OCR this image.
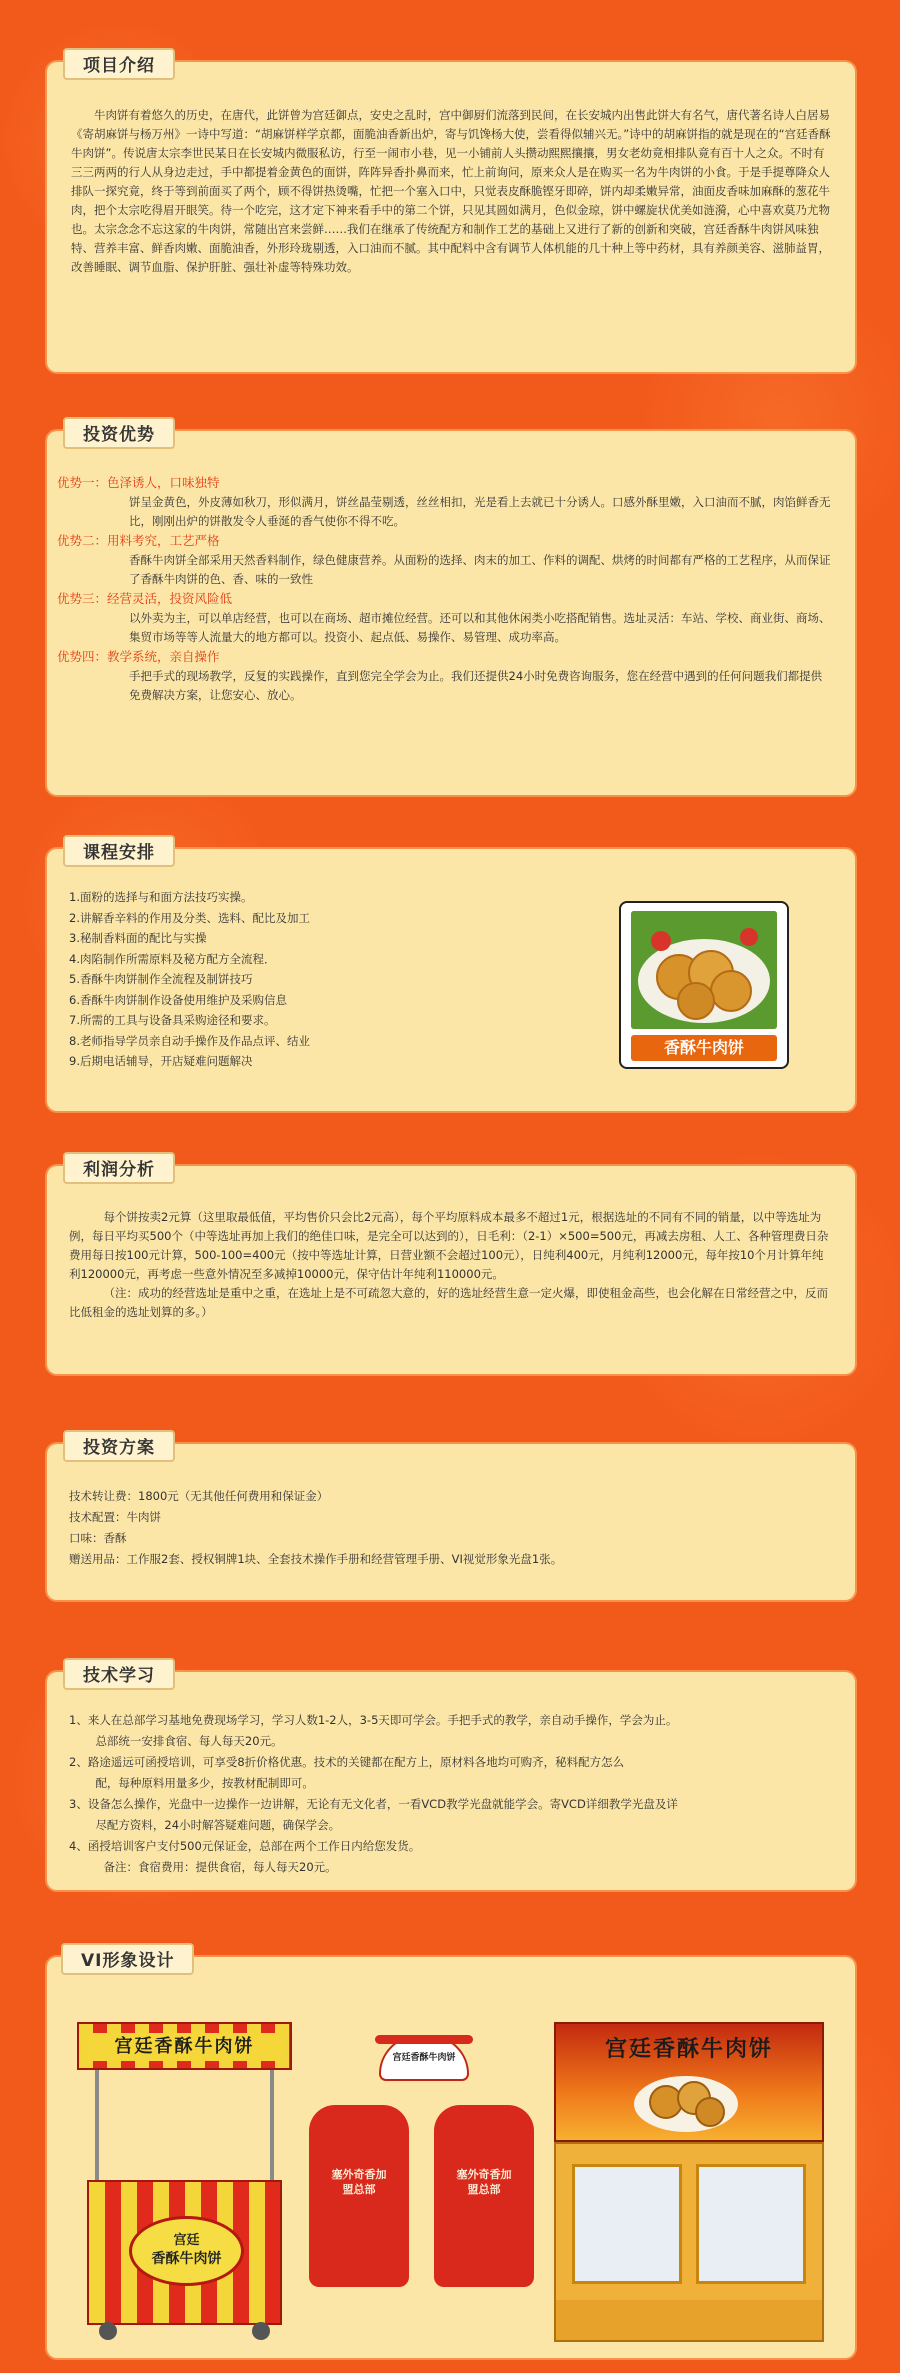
项目介绍

牛肉饼有着悠久的历史，在唐代，此饼曾为宫廷御点，安史之乱时，宫中御厨们流落到民间，在长安城内出售此饼大有名气，唐代著名诗人白居易《寄胡麻饼与杨万州》一诗中写道：“胡麻饼样学京都，面脆油香新出炉，寄与饥馋杨大使，尝看得似辅兴无。”诗中的胡麻饼指的就是现在的“宫廷香酥牛肉饼”。传说唐太宗李世民某日在长安城内微服私访，行至一闹市小巷，见一小铺前人头攒动熙熙攘攘，男女老幼竟相排队竟有百十人之众。不时有三三两两的行人从身边走过，手中都提着金黄色的面饼，阵阵异香扑鼻而来，忙上前询问，原来众人是在购买一名为牛肉饼的小食。于是手提尊降众人排队一探究竟，终于等到前面买了两个，顾不得饼热烫嘴，忙把一个塞入口中，只觉表皮酥脆铿牙即碎，饼内却柔嫩异常，油面皮香味加麻酥的葱花牛肉，把个太宗吃得眉开眼笑。待一个吃完，这才定下神来看手中的第二个饼，只见其圆如满月，色似金琼，饼中螺旋状优美如涟漪，心中喜欢莫乃尤物也。太宗念念不忘这家的牛肉饼，常随出宫来尝鲜……我们在继承了传统配方和制作工艺的基础上又进行了新的创新和突破，宫廷香酥牛肉饼风味独特、营养丰富、鲜香肉嫩、面脆油香，外形玲珑剔透，入口油而不腻。其中配料中含有调节人体机能的几十种上等中药材，具有养颜美容、滋肺益胃，改善睡眠、调节血脂、保护肝脏、强壮补虚等特殊功效。

投资优势
优势一：色泽诱人，口味独特
饼呈金黄色，外皮薄如秋刀，形似满月，饼丝晶莹剔透，丝丝相扣，光是看上去就已十分诱人。口感外酥里嫩，入口油而不腻，肉馅鲜香无比，刚刚出炉的饼散发令人垂涎的香气使你不得不吃。
优势二：用料考究，工艺严格
香酥牛肉饼全部采用天然香料制作，绿色健康营养。从面粉的选择、肉末的加工、作料的调配、烘烤的时间都有严格的工艺程序，从而保证了香酥牛肉饼的色、香、味的一致性
优势三：经营灵活，投资风险低
以外卖为主，可以单店经营，也可以在商场、超市摊位经营。还可以和其他休闲类小吃搭配销售。选址灵活：车站、学校、商业街、商场、集贸市场等等人流量大的地方都可以。投资小、起点低、易操作、易管理、成功率高。
优势四：教学系统，亲自操作
手把手式的现场教学，反复的实践操作，直到您完全学会为止。我们还提供24小时免费咨询服务，您在经营中遇到的任何问题我们都提供免费解决方案，让您安心、放心。
课程安排
1.面粉的选择与和面方法技巧实操。
2.讲解香辛料的作用及分类、选料、配比及加工
3.秘制香料面的配比与实操
4.肉陷制作所需原料及秘方配方全流程．
5.香酥牛肉饼制作全流程及制饼技巧
6.香酥牛肉饼制作设备使用维护及采购信息
7.所需的工具与设备具采购途径和要求。
8.老师指导学员亲自动手操作及作品点评、结业
9.后期电话辅导，开店疑难问题解决
香酥牛肉饼
利润分析

每个饼按卖2元算（这里取最低值，平均售价只会比2元高），每个平均原料成本最多不超过1元，根据选址的不同有不同的销量，以中等选址为例，每日平均买500个（中等选址再加上我们的绝佳口味，是完全可以达到的），日毛利：（2-1）×500=500元，再减去房租、人工、各种管理费日杂费用每日按100元计算，500-100=400元（按中等选址计算，日营业额不会超过100元），日纯利400元，月纯利12000元，每年按10个月计算年纯利120000元，再考虑一些意外情况至多减掉10000元，保守估计年纯利110000元。

（注：成功的经营选址是重中之重，在选址上是不可疏忽大意的，好的选址经营生意一定火爆，即使租金高些，也会化解在日常经营之中，反而比低租金的选址划算的多。）

投资方案

技术转让费：1800元（无其他任何费用和保证金）

技术配置：牛肉饼

口味：香酥

赠送用品：工作服2套、授权铜牌1块、全套技术操作手册和经营管理手册、VI视觉形象光盘1张。

技术学习

1、来人在总部学习基地免费现场学习，学习人数1-2人，3-5天即可学会。手把手式的教学，亲自动手操作，学会为止。

总部统一安排食宿、每人每天20元。

2、路途遥远可函授培训，可享受8折价格优惠。技术的关键都在配方上，原材料各地均可购齐，秘料配方怎么

配，每种原料用量多少，按教材配制即可。

3、设备怎么操作，光盘中一边操作一边讲解，无论有无文化者，一看VCD教学光盘就能学会。寄VCD详细教学光盘及详

尽配方资料，24小时解答疑难问题，确保学会。

4、函授培训客户支付500元保证金，总部在两个工作日内给您发货。

备注：食宿费用：提供食宿，每人每天20元。

VI形象设计
宫廷香酥牛肉饼
宫廷
香酥牛肉饼
宫廷香酥牛肉饼
塞外奇香加盟总部
塞外奇香加盟总部
宫廷香酥牛肉饼
